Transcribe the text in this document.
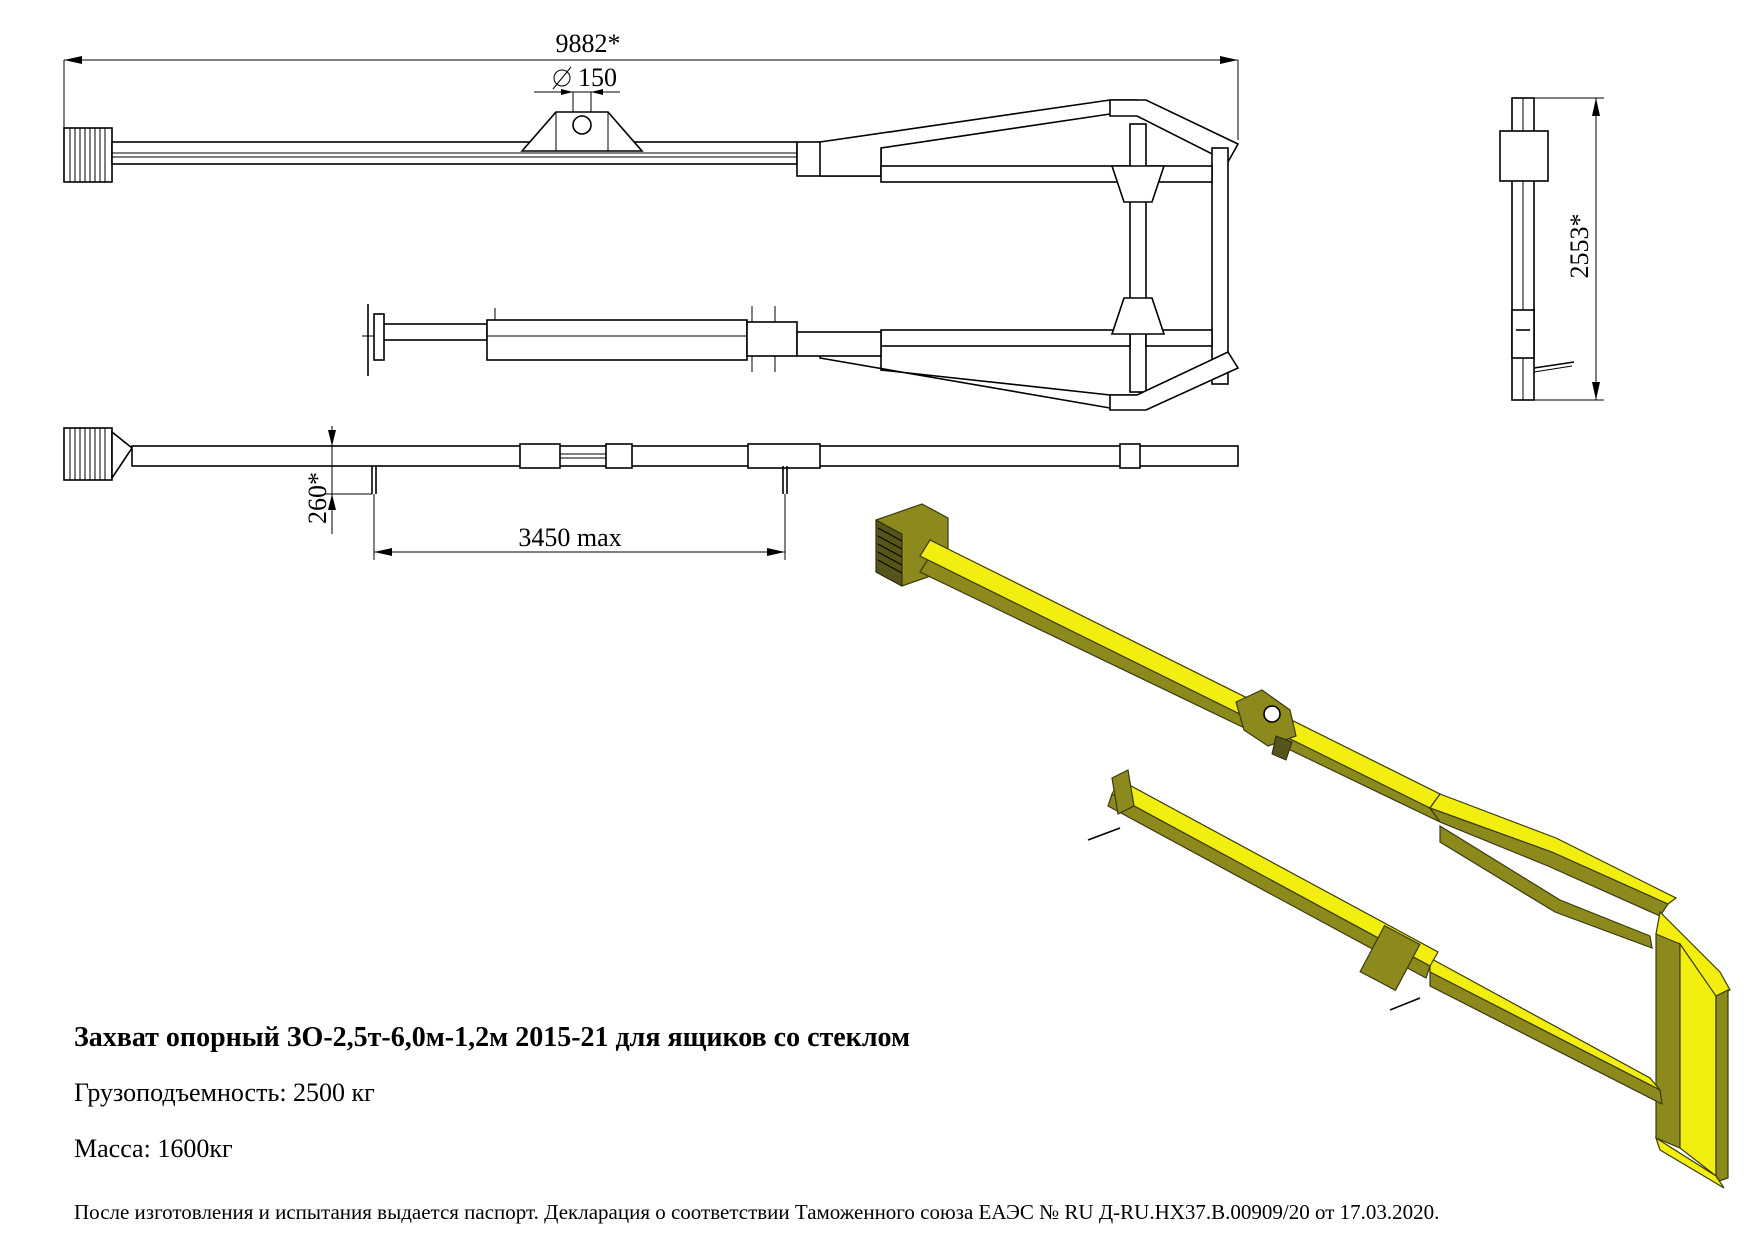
9882*
150
2553*
260*
3450 max
Захват опорный ЗО-2,5т-6,0м-1,2м 2015-21 для ящиков со стеклом
Грузоподъемность: 2500 кг
Масса: 1600кг
После изготовления и испытания выдается паспорт. Декларация о соответствии Таможенного союза ЕАЭС № RU Д-RU.HX37.B.00909/20 от 17.03.2020.
